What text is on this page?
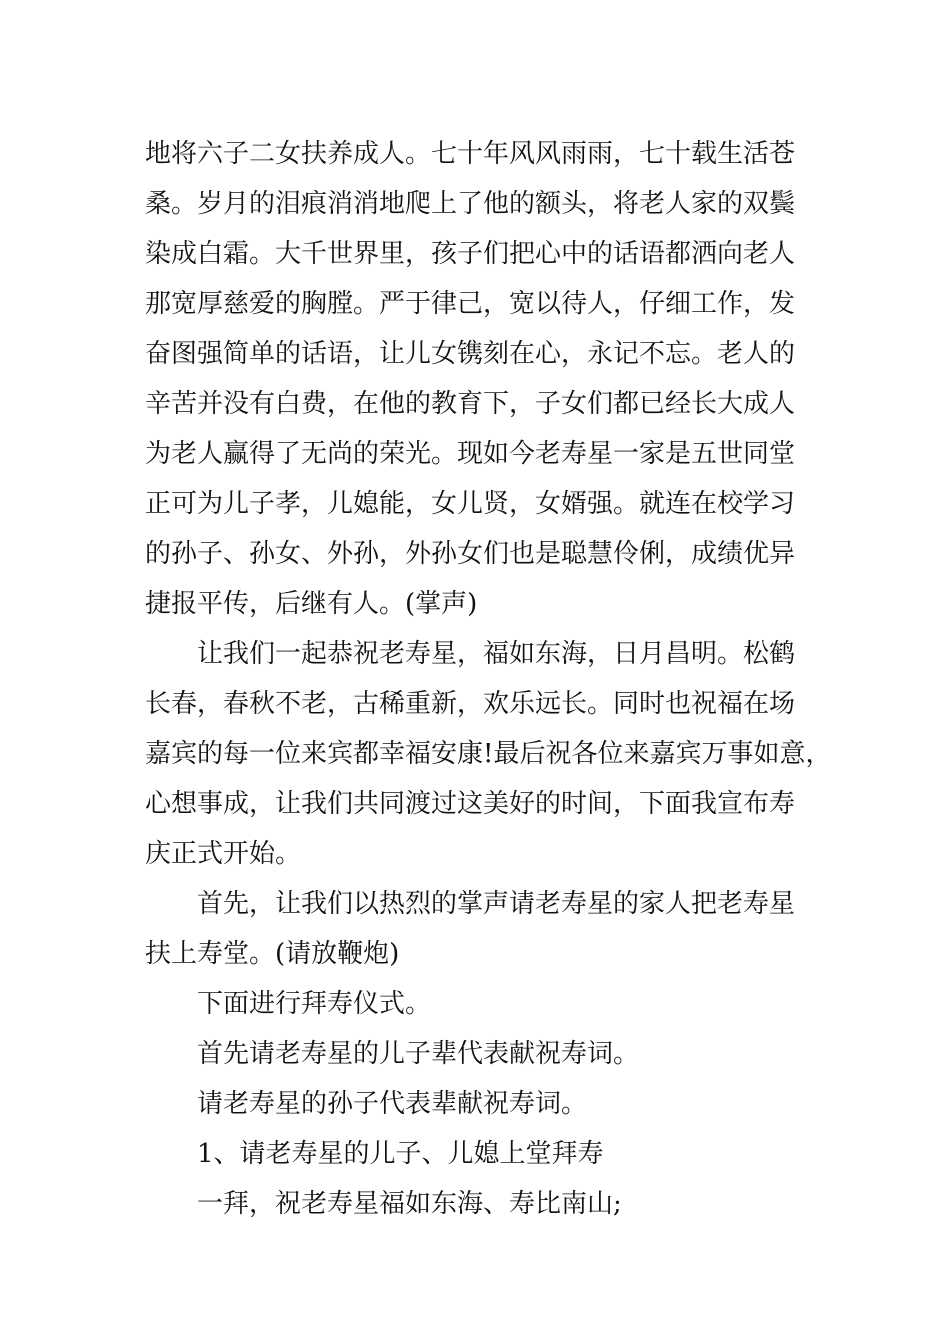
地将六子二女扶养成人。七十年风风雨雨，七十载生活苍
桑。岁月的泪痕消消地爬上了他的额头，将老人家的双鬓
染成白霜。大千世界里，孩子们把心中的话语都洒向老人
那宽厚慈爱的胸膛。严于律己，宽以待人，仔细工作，发
奋图强简单的话语，让儿女镌刻在心，永记不忘。老人的
辛苦并没有白费，在他的教育下，子女们都已经长大成人
为老人赢得了无尚的荣光。现如今老寿星一家是五世同堂
正可为儿子孝，儿媳能，女儿贤，女婿强。就连在校学习
的孙子、孙女、外孙，外孙女们也是聪慧伶俐，成绩优异
捷报平传，后继有人。(掌声)

让我们一起恭祝老寿星，福如东海，日月昌明。松鹤
长春，春秋不老，古稀重新，欢乐远长。同时也祝福在场
嘉宾的每一位来宾都幸福安康!最后祝各位来嘉宾万事如意，
心想事成，让我们共同渡过这美好的时间，下面我宣布寿
庆正式开始。

首先，让我们以热烈的掌声请老寿星的家人把老寿星
扶上寿堂。(请放鞭炮)

下面进行拜寿仪式。

首先请老寿星的儿子辈代表献祝寿词。

请老寿星的孙子代表辈献祝寿词。

1、请老寿星的儿子、儿媳上堂拜寿

一拜，祝老寿星福如东海、寿比南山;
